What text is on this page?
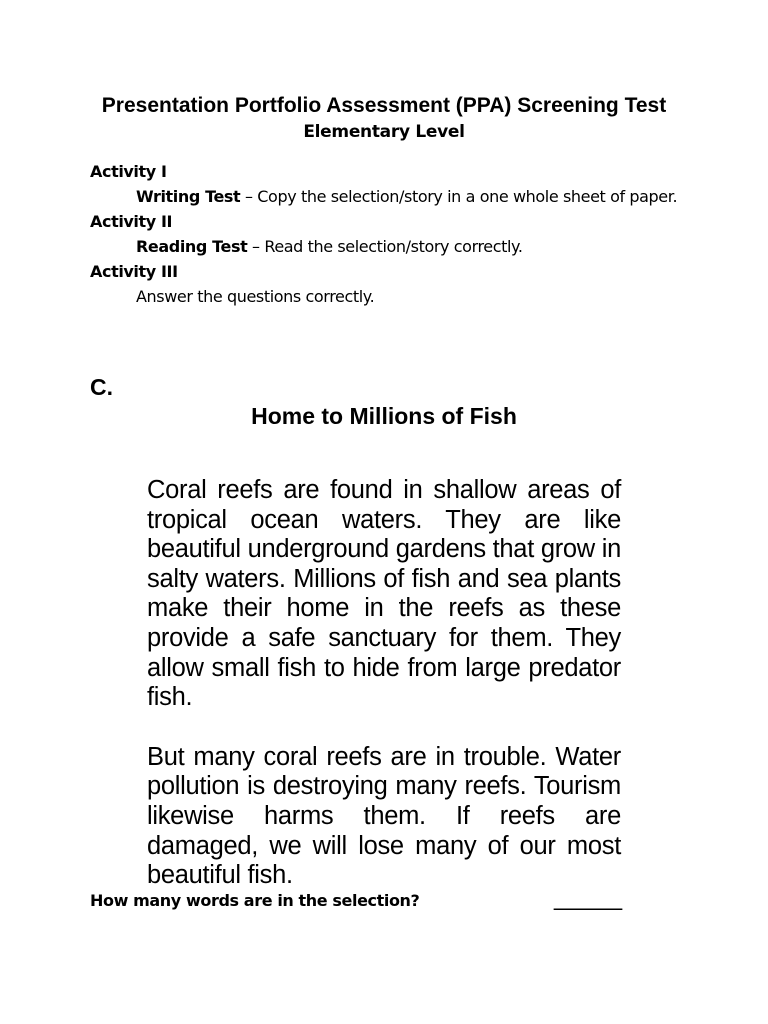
Presentation Portfolio Assessment (PPA) Screening Test
Elementary Level
Activity I
Writing Test – Copy the selection/story in a one whole sheet of paper.
Activity II
Reading Test – Read the selection/story correctly.
Activity III
Answer the questions correctly.
C.
Home to Millions of Fish

Coral reefs are found in shallow areas of tropical ocean waters. They are like beautiful underground gardens that grow in salty waters. Millions of fish and sea plants make their home in the reefs as these provide a safe sanctuary for them. They allow small fish to hide from large predator fish.

But many coral reefs are in trouble. Water pollution is destroying many reefs. Tourism likewise harms them. If reefs are damaged, we will lose many of our most beautiful fish.

How many words are in the selection?	_________
